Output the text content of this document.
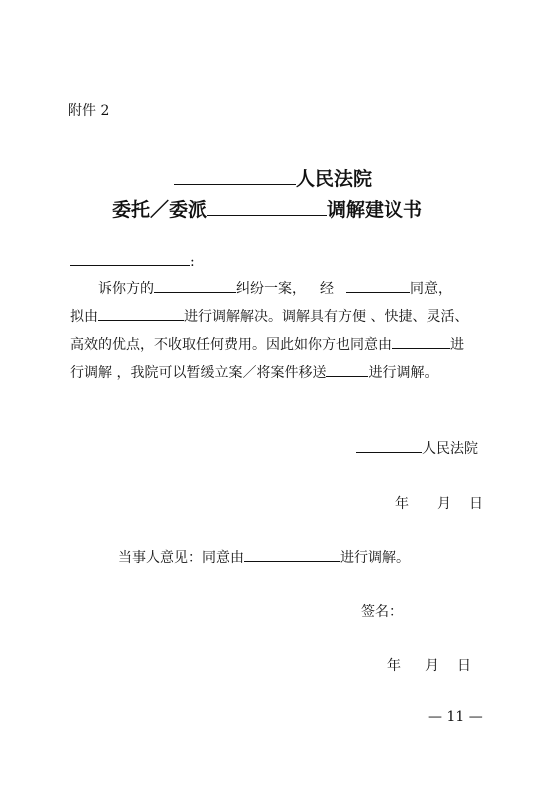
附件 2
人民法院
委托／委派	调解建议书
:
诉你方的	纠纷一案， 经	同意，
拟由	进行调解解决。调解具有方便 、快捷、灵活、
高效的优点，不收取任何费用。因此如你方也同意由	进
行调解 ，我院可以暂缓立案／将案件移送	进行调解。
人民法院
年 月 日
当事人意见：同意由	进行调解。
签名：
年 月 日
— 11 —
